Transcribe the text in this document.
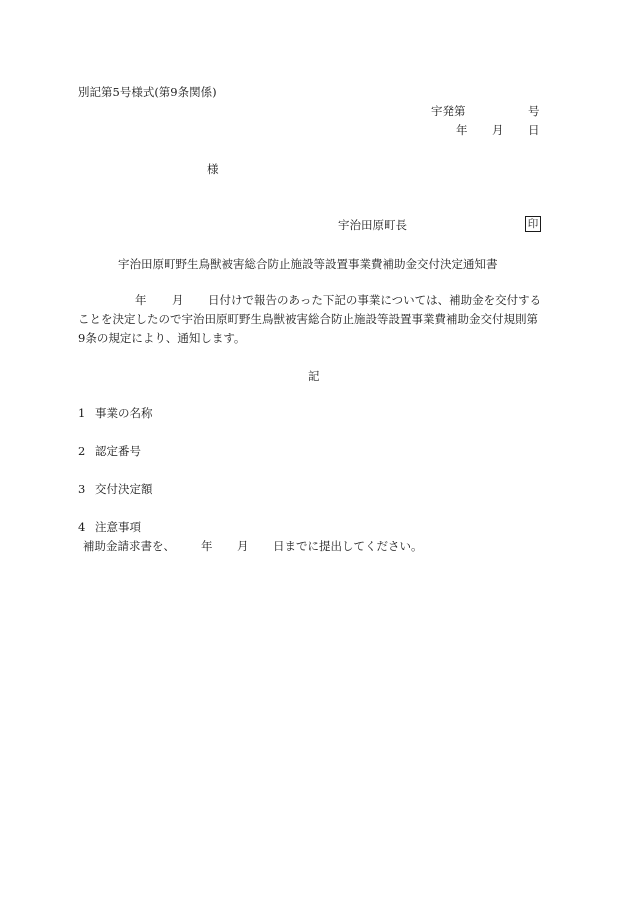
別記第5号様式(第9条関係)
宇発第	号
年 月 日
様
宇治田原町長	印
宇治田原町野生鳥獣被害総合防止施設等設置事業費補助金交付決定通知書
年 月 日付けで報告のあった下記の事業については、補助金を交付する
ことを決定したので宇治田原町野生鳥獣被害総合防止施設等設置事業費補助金交付規則第
9条の規定により、通知します。
記
1 事業の名称
2 認定番号
3 交付決定額
4 注意事項
補助金請求書を、 年 月 日までに提出してください。
